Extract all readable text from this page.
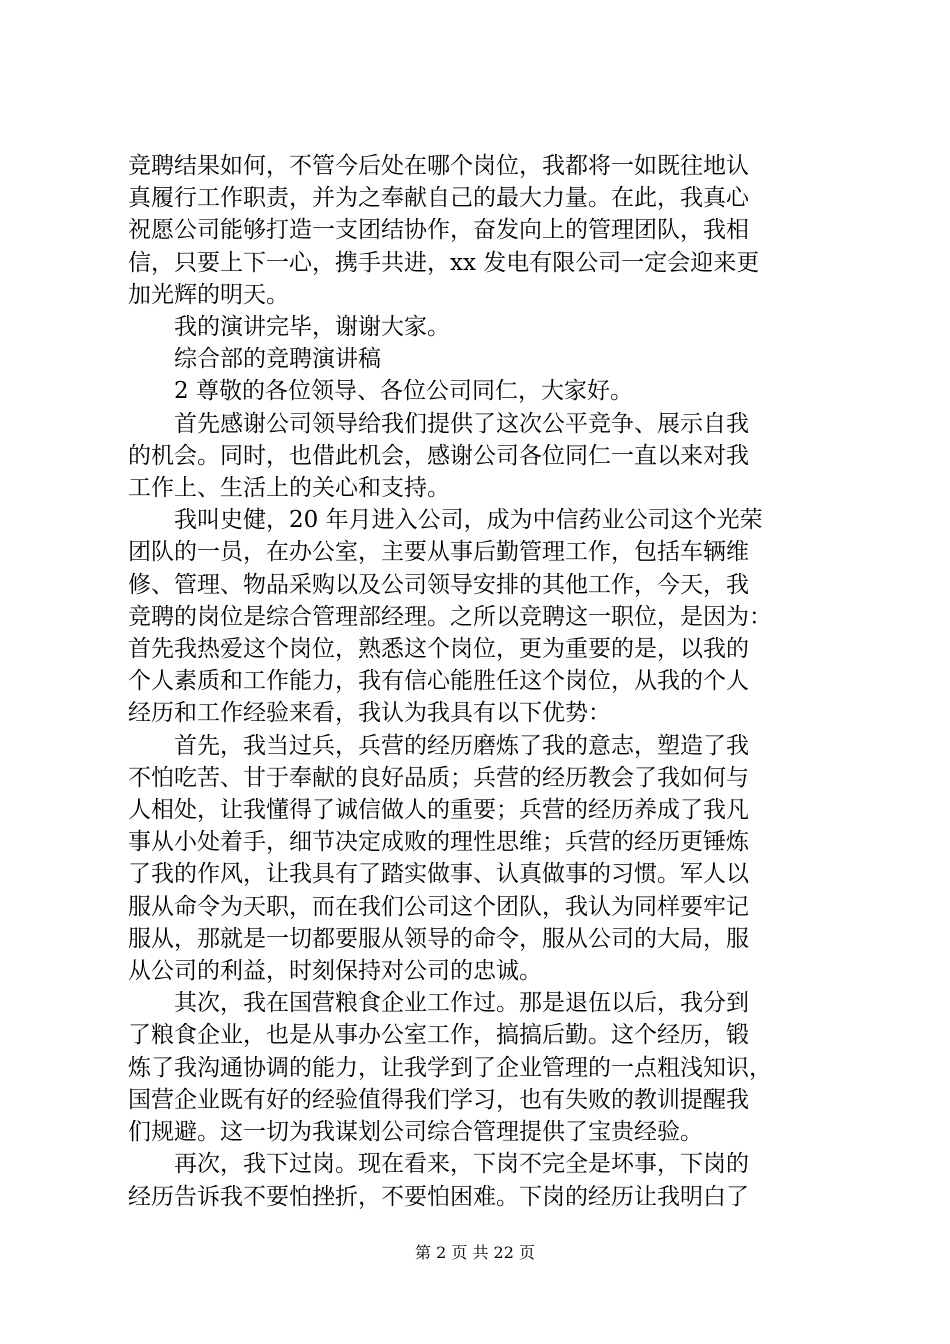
竞聘结果如何，不管今后处在哪个岗位，我都将一如既往地认
真履行工作职责，并为之奉献自己的最大力量。在此，我真心
祝愿公司能够打造一支团结协作，奋发向上的管理团队，我相
信，只要上下一心，携手共进，xx 发电有限公司一定会迎来更
加光辉的明天。

我的演讲完毕，谢谢大家。

综合部的竞聘演讲稿

2 尊敬的各位领导、各位公司同仁，大家好。

首先感谢公司领导给我们提供了这次公平竞争、展示自我
的机会。同时，也借此机会，感谢公司各位同仁一直以来对我
工作上、生活上的关心和支持。

我叫史健，20 年月进入公司，成为中信药业公司这个光荣
团队的一员，在办公室，主要从事后勤管理工作，包括车辆维
修、管理、物品采购以及公司领导安排的其他工作，今天，我
竞聘的岗位是综合管理部经理。之所以竞聘这一职位，是因为：
首先我热爱这个岗位，熟悉这个岗位，更为重要的是，以我的
个人素质和工作能力，我有信心能胜任这个岗位，从我的个人
经历和工作经验来看，我认为我具有以下优势：

首先，我当过兵，兵营的经历磨炼了我的意志，塑造了我
不怕吃苦、甘于奉献的良好品质；兵营的经历教会了我如何与
人相处，让我懂得了诚信做人的重要；兵营的经历养成了我凡
事从小处着手，细节决定成败的理性思维；兵营的经历更锤炼
了我的作风，让我具有了踏实做事、认真做事的习惯。军人以
服从命令为天职，而在我们公司这个团队，我认为同样要牢记
服从，那就是一切都要服从领导的命令，服从公司的大局，服
从公司的利益，时刻保持对公司的忠诚。

其次，我在国营粮食企业工作过。那是退伍以后，我分到
了粮食企业，也是从事办公室工作，搞搞后勤。这个经历，锻
炼了我沟通协调的能力，让我学到了企业管理的一点粗浅知识，
国营企业既有好的经验值得我们学习，也有失败的教训提醒我
们规避。这一切为我谋划公司综合管理提供了宝贵经验。

再次，我下过岗。现在看来，下岗不完全是坏事，下岗的
经历告诉我不要怕挫折，不要怕困难。下岗的经历让我明白了

第 2 页 共 22 页
